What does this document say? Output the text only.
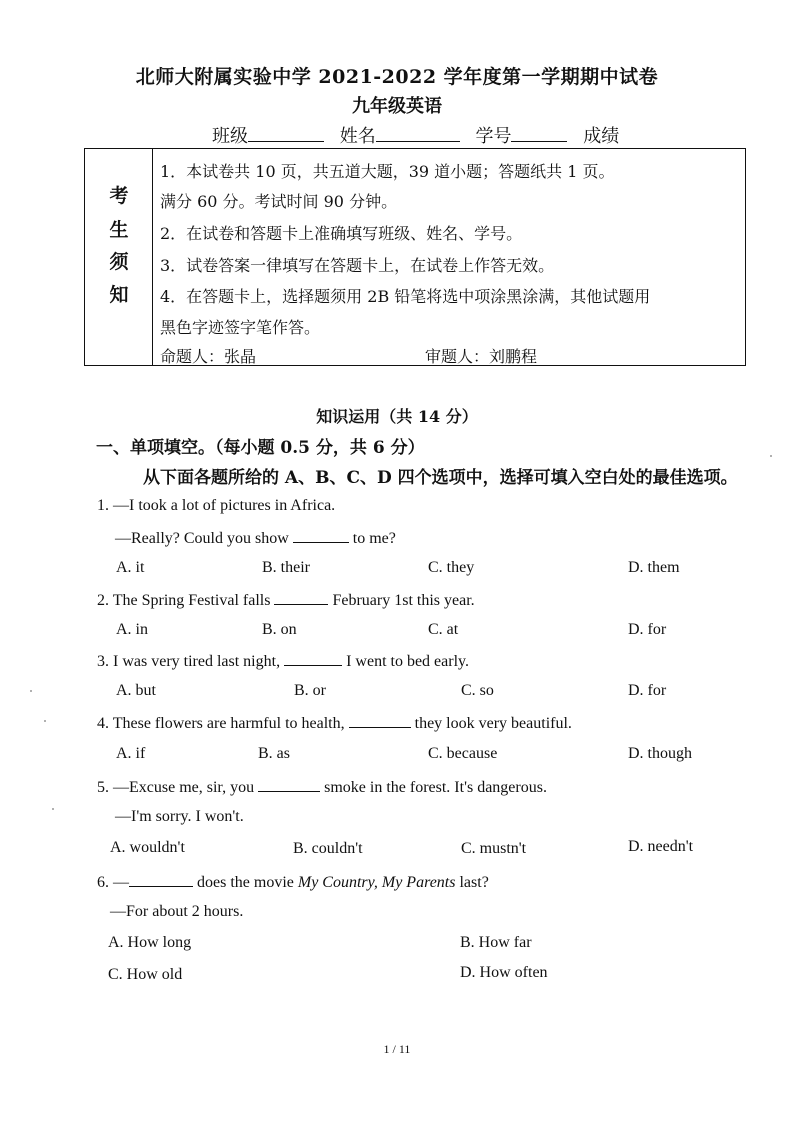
北师大附属实验中学 2021-2022 学年度第一学期期中试卷
九年级英语
班级	姓名	学号	成绩
考
生
须
知
1．本试卷共 10 页，共五道大题，39 道小题；答题纸共 1 页。
满分 60 分。考试时间 90 分钟。
2．在试卷和答题卡上准确填写班级、姓名、学号。
3．试卷答案一律填写在答题卡上，在试卷上作答无效。
4．在答题卡上，选择题须用 2B 铅笔将选中项涂黑涂满，其他试题用
黑色字迹签字笔作答。
命题人：张晶	审题人：刘鹏程
知识运用（共 14 分）
一、单项填空。（每小题 0.5 分，共 6 分）
从下面各题所给的 A、B、C、D 四个选项中，选择可填入空白处的最佳选项。
1. —I took a lot of pictures in Africa.
—Really? Could you show	to me?
A. it	B. their	C. they	D. them
2. The Spring Festival falls	February 1st this year.
A. in	B. on	C. at	D. for
3. I was very tired last night,	I went to bed early.
A. but	B. or	C. so	D. for
4. These flowers are harmful to health,	they look very beautiful.
A. if	B. as	C. because	D. though
5. —Excuse me, sir, you	smoke in the forest. It's dangerous.
—I'm sorry. I won't.
A. wouldn't	B. couldn't	C. mustn't	D. needn't
6. —	does the movie My Country, My Parents last?
—For about 2 hours.
A. How long	B. How far
C. How old	D. How often
1 / 11
